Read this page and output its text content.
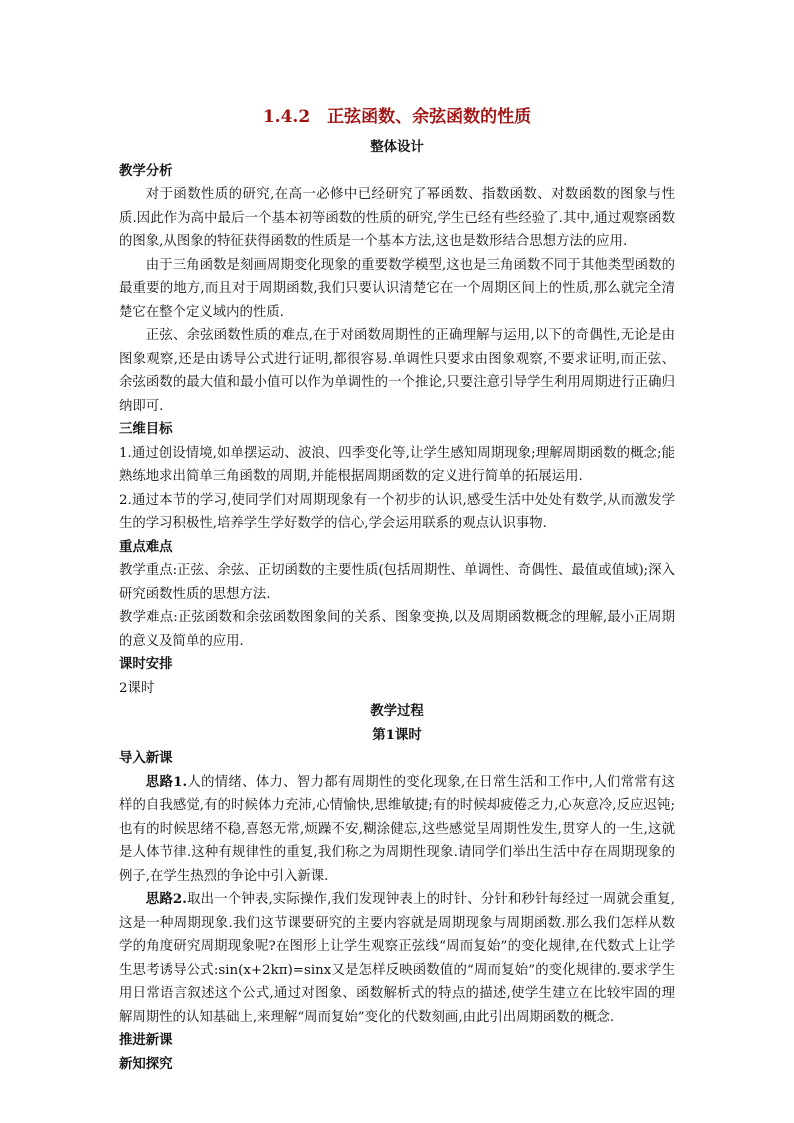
1.4.2　正弦函数、余弦函数的性质
整体设计
教学分析

对于函数性质的研究,在高一必修中已经研究了幂函数、指数函数、对数函数的图象与性质.因此作为高中最后一个基本初等函数的性质的研究,学生已经有些经验了.其中,通过观察函数的图象,从图象的特征获得函数的性质是一个基本方法,这也是数形结合思想方法的应用.

由于三角函数是刻画周期变化现象的重要数学模型,这也是三角函数不同于其他类型函数的最重要的地方,而且对于周期函数,我们只要认识清楚它在一个周期区间上的性质,那么就完全清楚它在整个定义域内的性质.

正弦、余弦函数性质的难点,在于对函数周期性的正确理解与运用,以下的奇偶性,无论是由图象观察,还是由诱导公式进行证明,都很容易.单调性只要求由图象观察,不要求证明,而正弦、余弦函数的最大值和最小值可以作为单调性的一个推论,只要注意引导学生利用周期进行正确归纳即可.

三维目标

1.通过创设情境,如单摆运动、波浪、四季变化等,让学生感知周期现象;理解周期函数的概念;能熟练地求出简单三角函数的周期,并能根据周期函数的定义进行简单的拓展运用.

2.通过本节的学习,使同学们对周期现象有一个初步的认识,感受生活中处处有数学,从而激发学生的学习积极性,培养学生学好数学的信心,学会运用联系的观点认识事物.

重点难点

教学重点:正弦、余弦、正切函数的主要性质(包括周期性、单调性、奇偶性、最值或值域);深入研究函数性质的思想方法.

教学难点:正弦函数和余弦函数图象间的关系、图象变换,以及周期函数概念的理解,最小正周期的意义及简单的应用.

课时安排

2课时

教学过程
第1课时
导入新课

思路1.人的情绪、体力、智力都有周期性的变化现象,在日常生活和工作中,人们常常有这样的自我感觉,有的时候体力充沛,心情愉快,思维敏捷;有的时候却疲倦乏力,心灰意冷,反应迟钝;也有的时候思绪不稳,喜怒无常,烦躁不安,糊涂健忘,这些感觉呈周期性发生,贯穿人的一生,这就是人体节律.这种有规律性的重复,我们称之为周期性现象.请同学们举出生活中存在周期现象的例子,在学生热烈的争论中引入新课.

思路2.取出一个钟表,实际操作,我们发现钟表上的时针、分针和秒针每经过一周就会重复,这是一种周期现象.我们这节课要研究的主要内容就是周期现象与周期函数.那么我们怎样从数学的角度研究周期现象呢?在图形上让学生观察正弦线“周而复始”的变化规律,在代数式上让学生思考诱导公式:sin(x+2kπ)=sinx又是怎样反映函数值的“周而复始”的变化规律的.要求学生用日常语言叙述这个公式,通过对图象、函数解析式的特点的描述,使学生建立在比较牢固的理解周期性的认知基础上,来理解“周而复始”变化的代数刻画,由此引出周期函数的概念.

推进新课
新知探究
